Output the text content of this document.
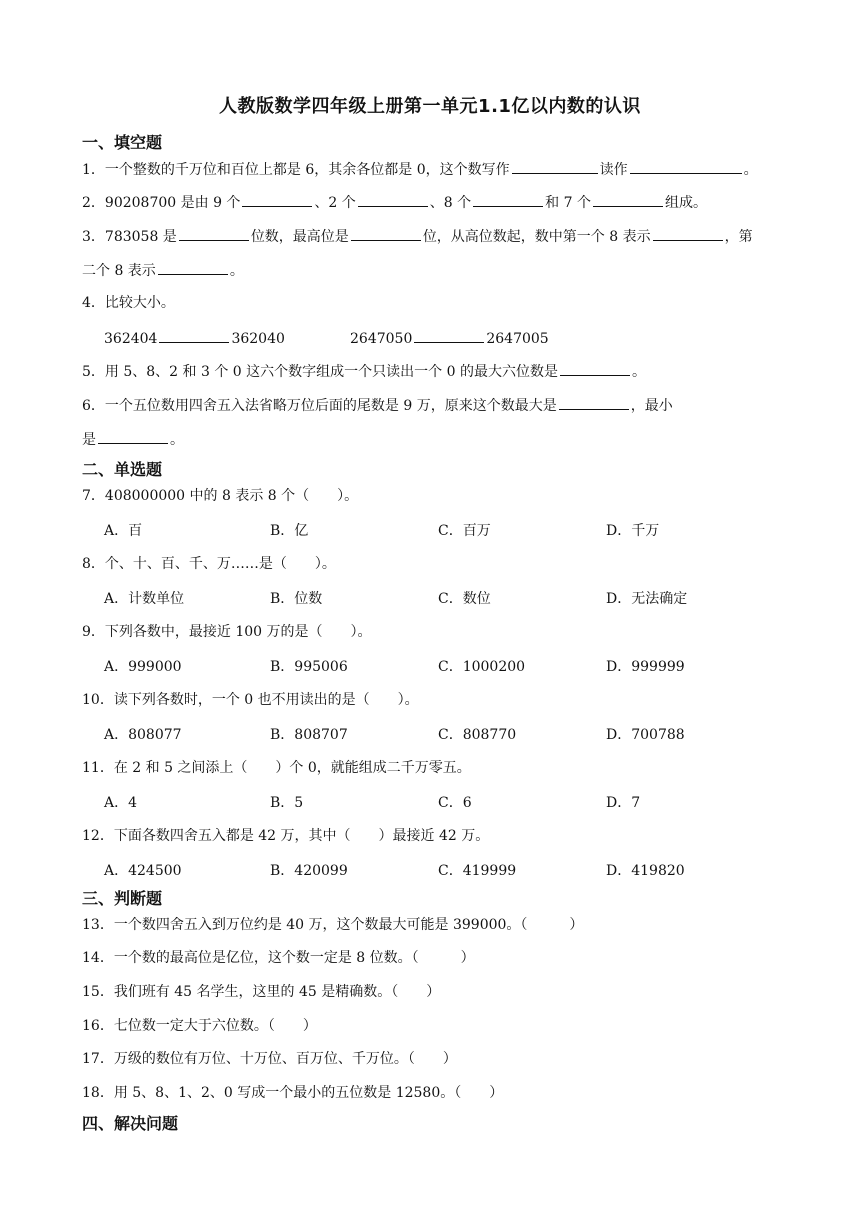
人教版数学四年级上册第一单元1.1亿以内数的认识
一、填空题
1．一个整数的千万位和百位上都是 6，其余各位都是 0，这个数写作	读作	。
2．90208700 是由 9 个	、2 个	、8 个	和 7 个	组成。
3．783058 是	位数，最高位是	位，从高位数起，数中第一个 8 表示	，第
二个 8 表示	。
4．比较大小。
362404	362040	2647050	2647005
5．用 5、8、2 和 3 个 0 这六个数字组成一个只读出一个 0 的最大六位数是	。
6．一个五位数用四舍五入法省略万位后面的尾数是 9 万，原来这个数最大是	，最小
是	。
二、单选题
7．408000000 中的 8 表示 8 个（　　）。
A．百	B．亿	C．百万	D．千万
8．个、十、百、千、万……是（　　）。
A．计数单位	B．位数	C．数位	D．无法确定
9．下列各数中，最接近 100 万的是（　　）。
A．999000	B．995006	C．1000200	D．999999
10．读下列各数时，一个 0 也不用读出的是（　　）。
A．808077	B．808707	C．808770	D．700788
11．在 2 和 5 之间添上（　　）个 0，就能组成二千万零五。
A．4	B．5	C．6	D．7
12．下面各数四舍五入都是 42 万，其中（　　）最接近 42 万。
A．424500	B．420099	C．419999	D．419820
三、判断题
13．一个数四舍五入到万位约是 40 万，这个数最大可能是 399000。（　　　）
14．一个数的最高位是亿位，这个数一定是 8 位数。（　　　）
15．我们班有 45 名学生，这里的 45 是精确数。（　　）
16．七位数一定大于六位数。（　　）
17．万级的数位有万位、十万位、百万位、千万位。（　　）
18．用 5、8、1、2、0 写成一个最小的五位数是 12580。（　　）
四、解决问题
